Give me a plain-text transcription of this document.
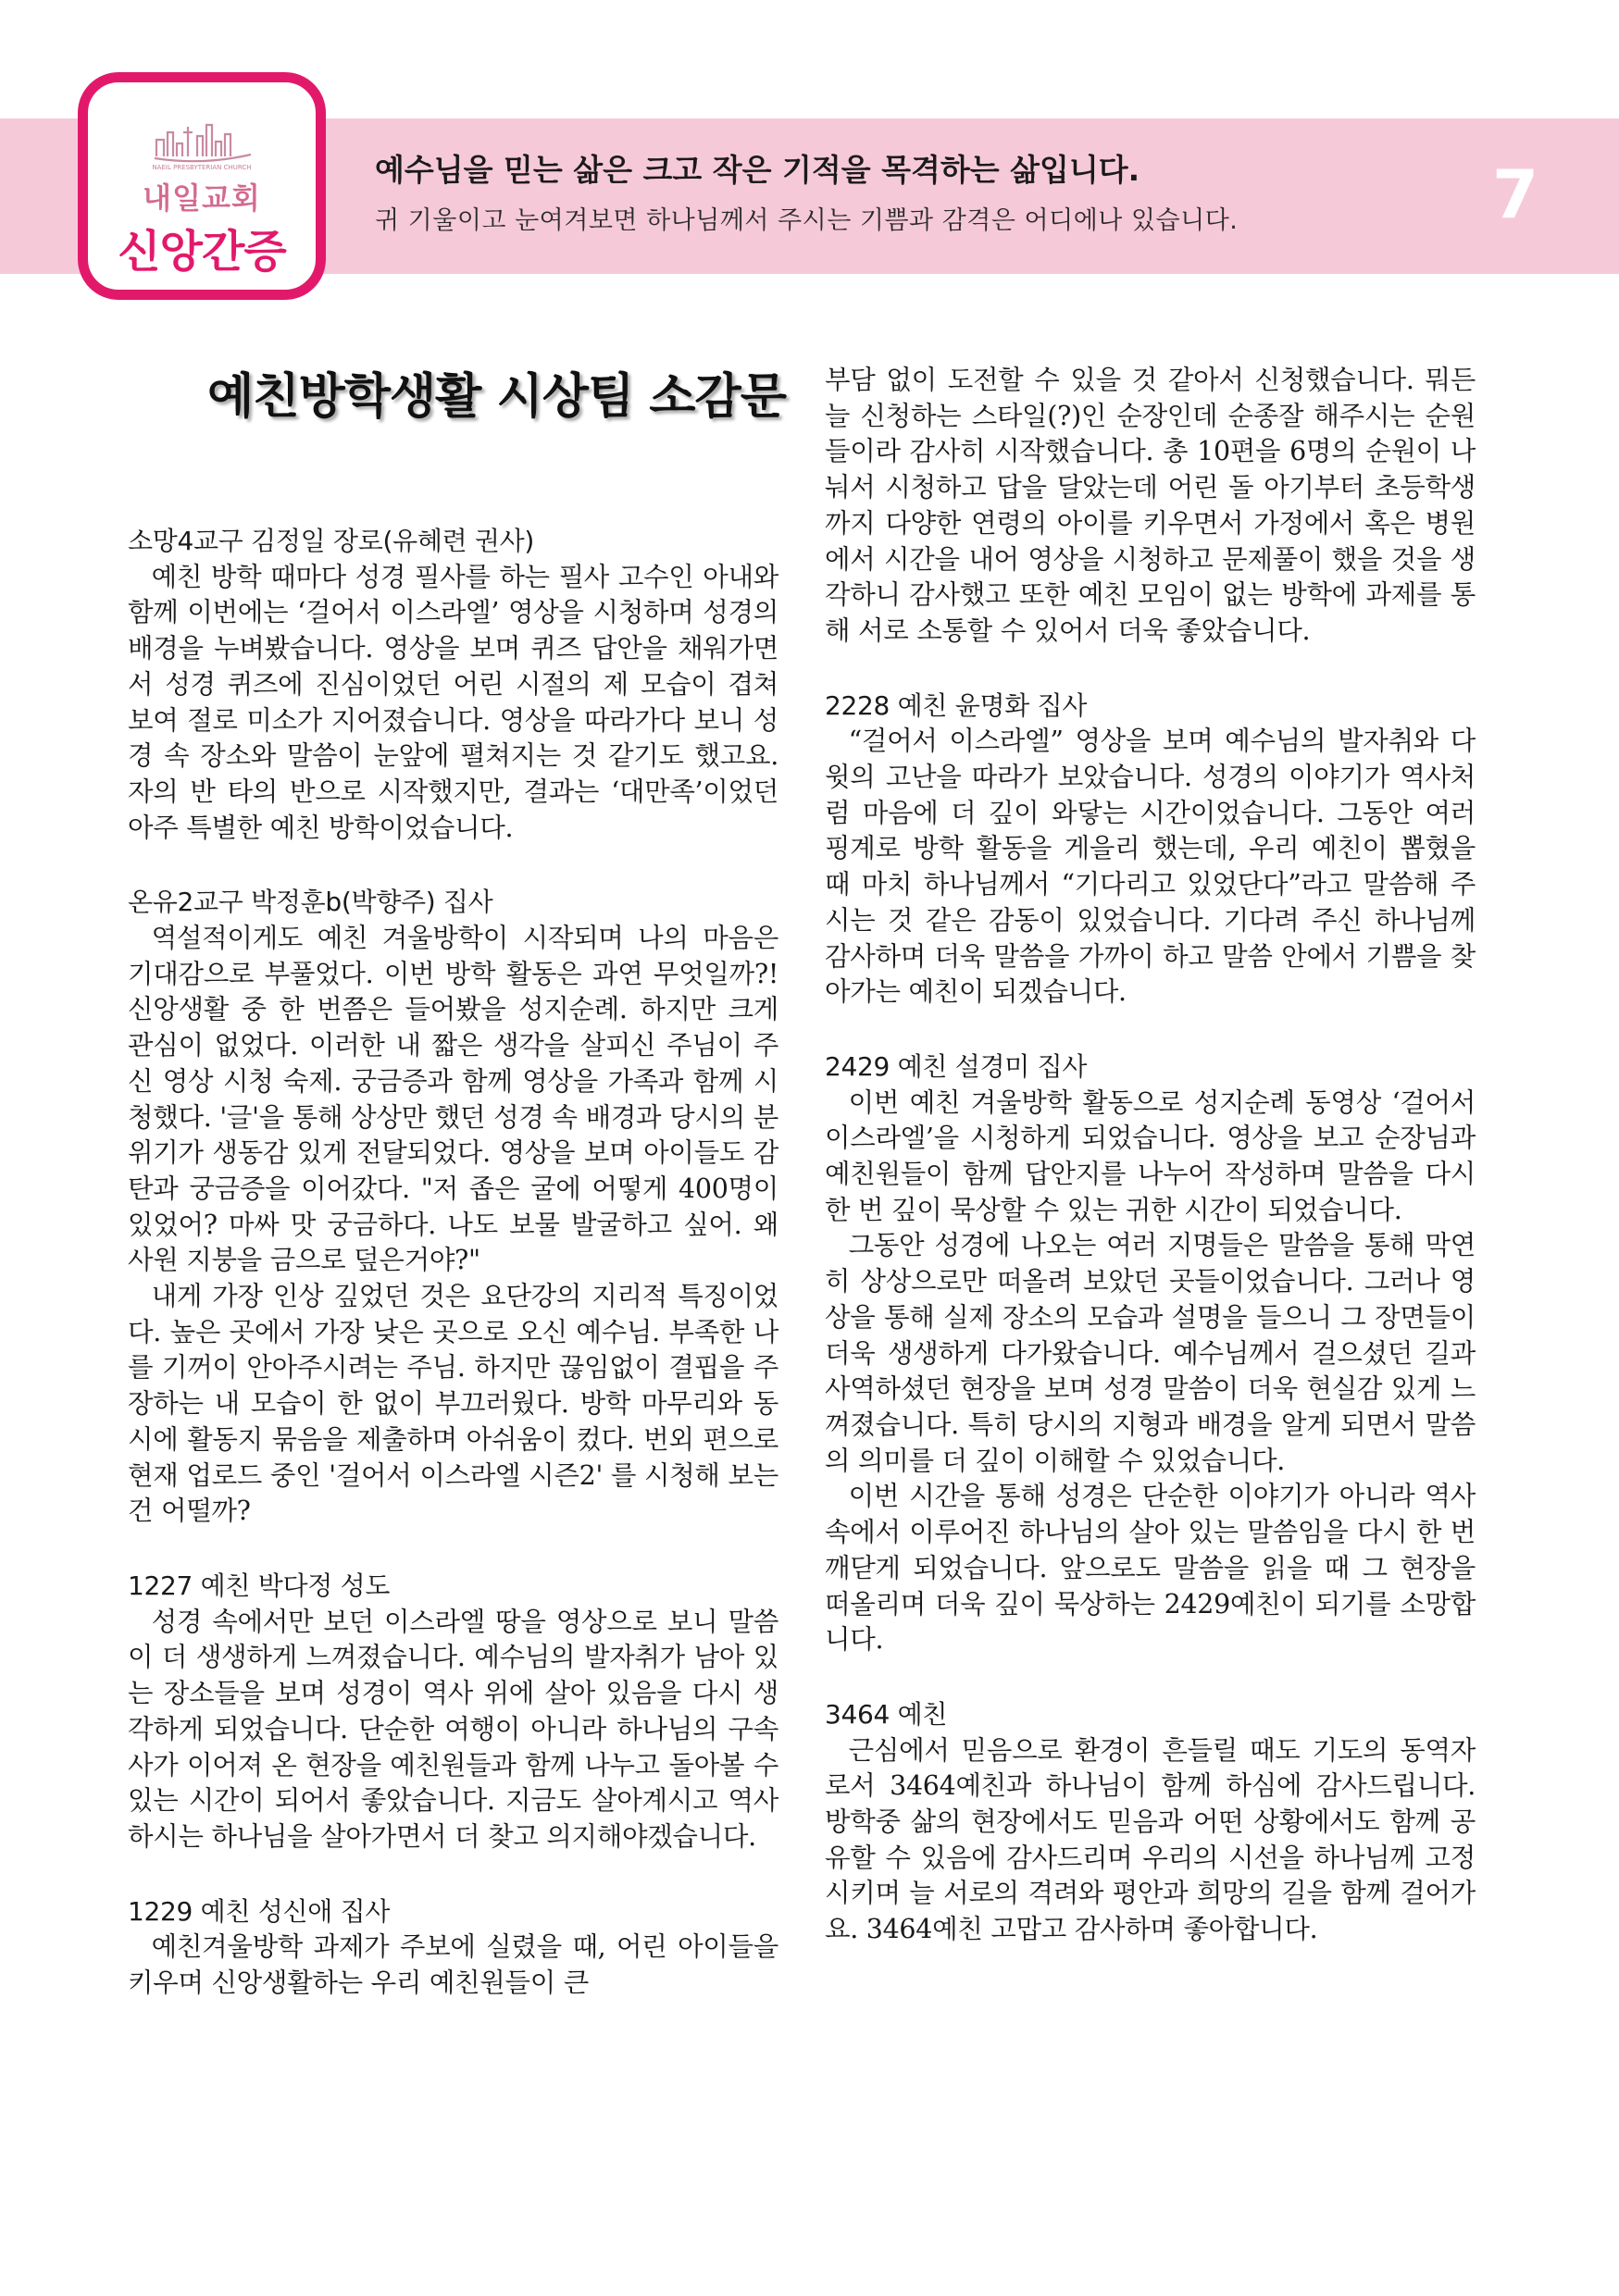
NAEIL PRESBYTERIAN CHURCH
내일교회
신앙간증
예수님을 믿는 삶은 크고 작은 기적을 목격하는 삶입니다.
귀 기울이고 눈여겨보면 하나님께서 주시는 기쁨과 감격은 어디에나 있습니다.	7
예친방학생활 시상팀 소감문

소망4교구 김정일 장로(유혜련 권사)

예친 방학 때마다 성경 필사를 하는 필사 고수인 아내와 함께 이번에는 ‘걸어서 이스라엘’ 영상을 시청하며 성경의 배경을 누벼봤습니다. 영상을 보며 퀴즈 답안을 채워가면서 성경 퀴즈에 진심이었던 어린 시절의 제 모습이 겹쳐 보여 절로 미소가 지어졌습니다. 영상을 따라가다 보니 성경 속 장소와 말씀이 눈앞에 펼쳐지는 것 같기도 했고요. 자의 반 타의 반으로 시작했지만, 결과는 ‘대만족’이었던 아주 특별한 예친 방학이었습니다.

온유2교구 박정훈b(박향주) 집사

역설적이게도 예친 겨울방학이 시작되며 나의 마음은 기대감으로 부풀었다. 이번 방학 활동은 과연 무엇일까?! 신앙생활 중 한 번쯤은 들어봤을 성지순례. 하지만 크게 관심이 없었다. 이러한 내 짧은 생각을 살피신 주님이 주신 영상 시청 숙제. 궁금증과 함께 영상을 가족과 함께 시청했다. '글'을 통해 상상만 했던 성경 속 배경과 당시의 분위기가 생동감 있게 전달되었다. 영상을 보며 아이들도 감탄과 궁금증을 이어갔다. "저 좁은 굴에 어떻게 400명이 있었어? 마싸 맛 궁금하다. 나도 보물 발굴하고 싶어. 왜 사원 지붕을 금으로 덮은거야?"

내게 가장 인상 깊었던 것은 요단강의 지리적 특징이었다. 높은 곳에서 가장 낮은 곳으로 오신 예수님. 부족한 나를 기꺼이 안아주시려는 주님. 하지만 끊임없이 결핍을 주장하는 내 모습이 한 없이 부끄러웠다. 방학 마무리와 동시에 활동지 묶음을 제출하며 아쉬움이 컸다. 번외 편으로 현재 업로드 중인 '걸어서 이스라엘 시즌2' 를 시청해 보는 건 어떨까?

1227 예친 박다정 성도

성경 속에서만 보던 이스라엘 땅을 영상으로 보니 말씀이 더 생생하게 느껴졌습니다. 예수님의 발자취가 남아 있는 장소들을 보며 성경이 역사 위에 살아 있음을 다시 생각하게 되었습니다. 단순한 여행이 아니라 하나님의 구속사가 이어져 온 현장을 예친원들과 함께 나누고 돌아볼 수 있는 시간이 되어서 좋았습니다. 지금도 살아계시고 역사하시는 하나님을 살아가면서 더 찾고 의지해야겠습니다.

1229 예친 성신애 집사

예친겨울방학 과제가 주보에 실렸을 때, 어린 아이들을 키우며 신앙생활하는 우리 예친원들이 큰

부담 없이 도전할 수 있을 것 같아서 신청했습니다. 뭐든 늘 신청하는 스타일(?)인 순장인데 순종잘 해주시는 순원들이라 감사히 시작했습니다. 총 10편을 6명의 순원이 나눠서 시청하고 답을 달았는데 어린 돌 아기부터 초등학생까지 다양한 연령의 아이를 키우면서 가정에서 혹은 병원에서 시간을 내어 영상을 시청하고 문제풀이 했을 것을 생각하니 감사했고 또한 예친 모임이 없는 방학에 과제를 통해 서로 소통할 수 있어서 더욱 좋았습니다.

2228 예친 윤명화 집사

“걸어서 이스라엘” 영상을 보며 예수님의 발자취와 다윗의 고난을 따라가 보았습니다. 성경의 이야기가 역사처럼 마음에 더 깊이 와닿는 시간이었습니다. 그동안 여러 핑계로 방학 활동을 게을리 했는데, 우리 예친이 뽑혔을 때 마치 하나님께서 “기다리고 있었단다”라고 말씀해 주시는 것 같은 감동이 있었습니다. 기다려 주신 하나님께 감사하며 더욱 말씀을 가까이 하고 말씀 안에서 기쁨을 찾아가는 예친이 되겠습니다.

2429 예친 설경미 집사

이번 예친 겨울방학 활동으로 성지순례 동영상 ‘걸어서 이스라엘’을 시청하게 되었습니다. 영상을 보고 순장님과 예친원들이 함께 답안지를 나누어 작성하며 말씀을 다시 한 번 깊이 묵상할 수 있는 귀한 시간이 되었습니다.

그동안 성경에 나오는 여러 지명들은 말씀을 통해 막연히 상상으로만 떠올려 보았던 곳들이었습니다. 그러나 영상을 통해 실제 장소의 모습과 설명을 들으니 그 장면들이 더욱 생생하게 다가왔습니다. 예수님께서 걸으셨던 길과 사역하셨던 현장을 보며 성경 말씀이 더욱 현실감 있게 느껴졌습니다. 특히 당시의 지형과 배경을 알게 되면서 말씀의 의미를 더 깊이 이해할 수 있었습니다.

이번 시간을 통해 성경은 단순한 이야기가 아니라 역사 속에서 이루어진 하나님의 살아 있는 말씀임을 다시 한 번 깨닫게 되었습니다. 앞으로도 말씀을 읽을 때 그 현장을 떠올리며 더욱 깊이 묵상하는 2429예친이 되기를 소망합니다.

3464 예친

근심에서 믿음으로 환경이 흔들릴 때도 기도의 동역자로서 3464예친과 하나님이 함께 하심에 감사드립니다. 방학중 삶의 현장에서도 믿음과 어떤 상황에서도 함께 공유할 수 있음에 감사드리며 우리의 시선을 하나님께 고정시키며 늘 서로의 격려와 평안과 희망의 길을 함께 걸어가요. 3464예친 고맙고 감사하며 좋아합니다.
